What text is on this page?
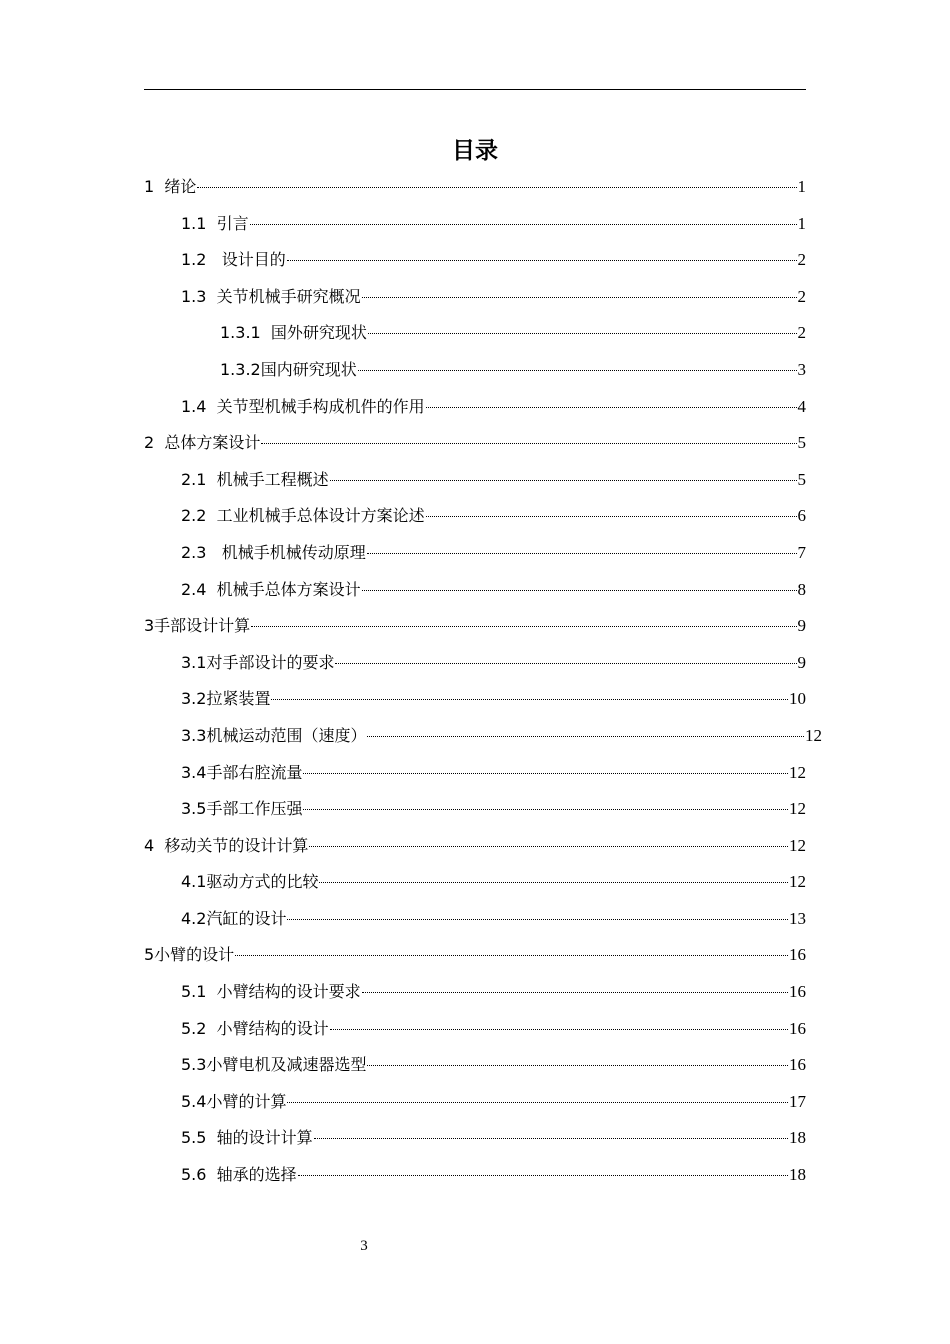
目录
1  绪论	1
1.1  引言	1
1.2   设计目的	2
1.3  关节机械手研究概况	2
1.3.1  国外研究现状	2
1.3.2国内研究现状	3
1.4  关节型机械手构成机件的作用	4
2  总体方案设计	5
2.1  机械手工程概述	5
2.2  工业机械手总体设计方案论述	6
2.3   机械手机械传动原理	7
2.4  机械手总体方案设计	8
3手部设计计算	9
3.1对手部设计的要求	9
3.2拉紧装置	10
3.3机械运动范围（速度）	12
3.4手部右腔流量	12
3.5手部工作压强	12
4  移动关节的设计计算	12
4.1驱动方式的比较	12
4.2汽缸的设计	13
5小臂的设计	16
5.1  小臂结构的设计要求	16
5.2  小臂结构的设计	16
5.3小臂电机及减速器选型	16
5.4小臂的计算	17
5.5  轴的设计计算	18
5.6  轴承的选择	18
3
